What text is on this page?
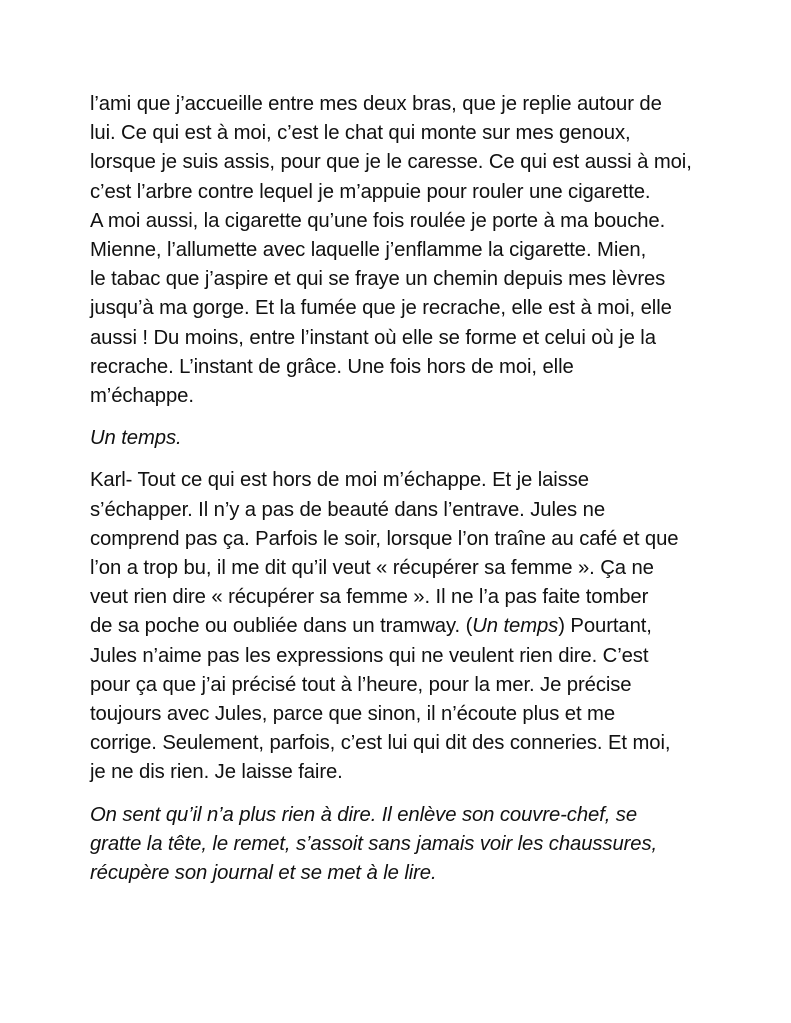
l’ami que j’accueille entre mes deux bras, que je replie autour de
lui. Ce qui est à moi, c’est le chat qui monte sur mes genoux,
lorsque je suis assis, pour que je le caresse. Ce qui est aussi à moi,
c’est l’arbre contre lequel je m’appuie pour rouler une cigarette.
A moi aussi, la cigarette qu’une fois roulée je porte à ma bouche.
Mienne, l’allumette avec laquelle j’enflamme la cigarette. Mien,
le tabac que j’aspire et qui se fraye un chemin depuis mes lèvres
jusqu’à ma gorge. Et la fumée que je recrache, elle est à moi, elle
aussi ! Du moins, entre l’instant où elle se forme et celui où je la
recrache. L’instant de grâce. Une fois hors de moi, elle
m’échappe.
Un temps.
Karl- Tout ce qui est hors de moi m’échappe. Et je laisse
s’échapper. Il n’y a pas de beauté dans l’entrave. Jules ne
comprend pas ça. Parfois le soir, lorsque l’on traîne au café et que
l’on a trop bu, il me dit qu’il veut « récupérer sa femme ». Ça ne
veut rien dire « récupérer sa femme ». Il ne l’a pas faite tomber
de sa poche ou oubliée dans un tramway. (Un temps) Pourtant,
Jules n’aime pas les expressions qui ne veulent rien dire. C’est
pour ça que j’ai précisé tout à l’heure, pour la mer. Je précise
toujours avec Jules, parce que sinon, il n’écoute plus et me
corrige. Seulement, parfois, c’est lui qui dit des conneries. Et moi,
je ne dis rien. Je laisse faire.
On sent qu’il n’a plus rien à dire. Il enlève son couvre-chef, se
gratte la tête, le remet, s’assoit sans jamais voir les chaussures,
récupère son journal et se met à le lire.
